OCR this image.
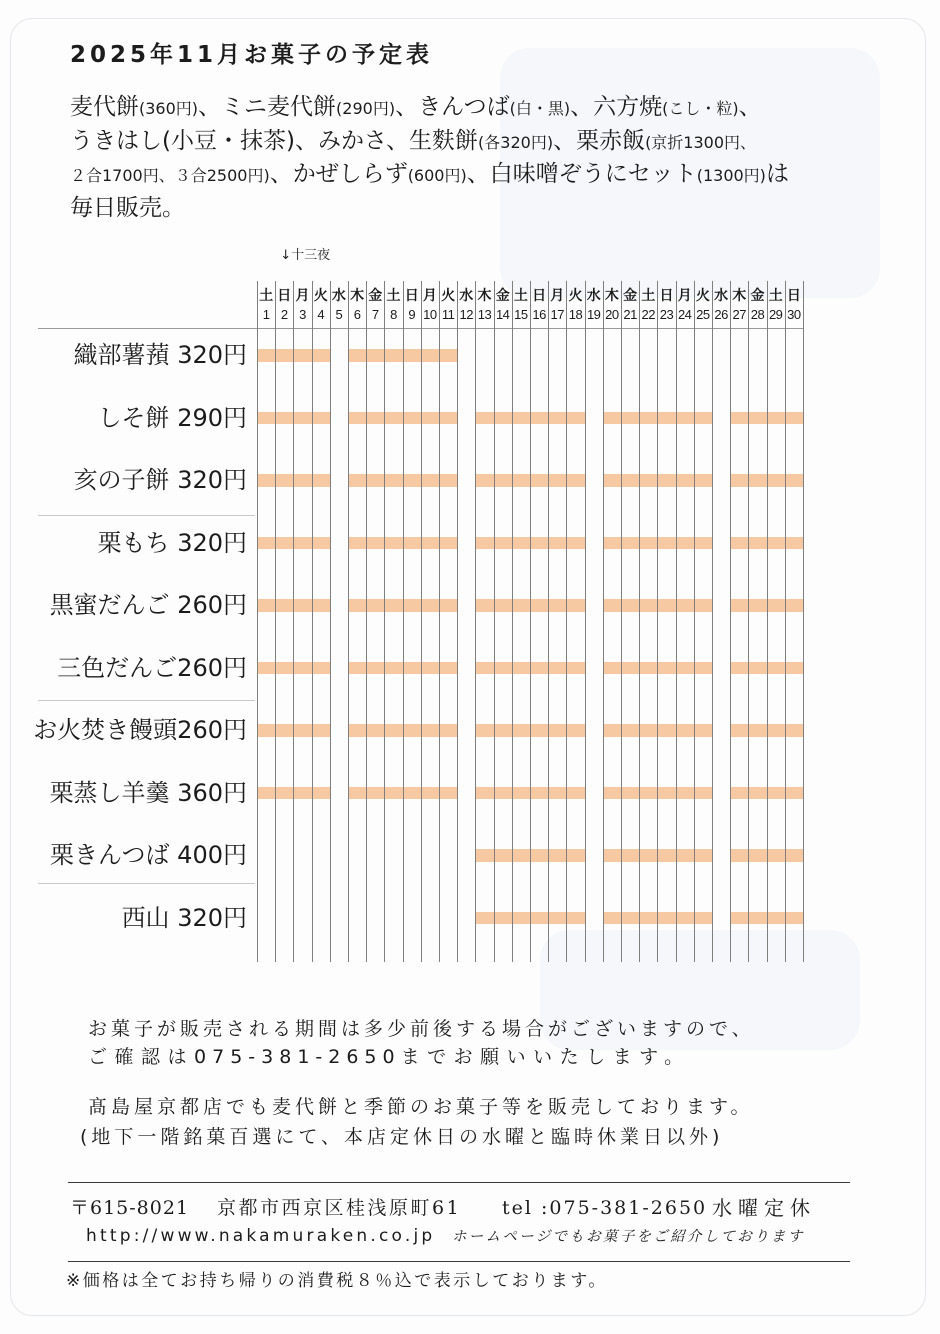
2025年11月お菓子の予定表
麦代餅(360円)、ミニ麦代餅(290円)、きんつば(白・黒)、六方焼(こし・粒)、
うきはし(小豆・抹茶)、みかさ、生麩餅(各320円)、栗赤飯(京折1300円、
２合1700円、３合2500円)、かぜしらず(600円)、白味噌ぞうにセット(1300円)は
毎日販売。
↓十三夜
土
1
日
2
月
3
火
4
水
5
木
6
金
7
土
8
日
9
月
10
火
11
水
12
木
13
金
14
土
15
日
16
月
17
火
18
水
19
木
20
金
21
土
22
日
23
月
24
火
25
水
26
木
27
金
28
土
29
日
30
織部薯蕷 320円
しそ餅 290円
亥の子餅 320円
栗もち 320円
黒蜜だんご 260円
三色だんご260円
お火焚き饅頭260円
栗蒸し羊羹 360円
栗きんつば 400円
西山 320円
お菓子が販売される期間は多少前後する場合がございますので、
ご確認は075-381-2650までお願いいたします。
髙島屋京都店でも麦代餅と季節のお菓子等を販売しております。
(地下一階銘菓百選にて、本店定休日の水曜と臨時休業日以外)
〒615-8021 京都市西京区桂浅原町61 tel :075-381-2650 水曜定休
http://www.nakamuraken.co.jp ホームページでもお菓子をご紹介しております
※価格は全てお持ち帰りの消費税８％込で表示しております。
